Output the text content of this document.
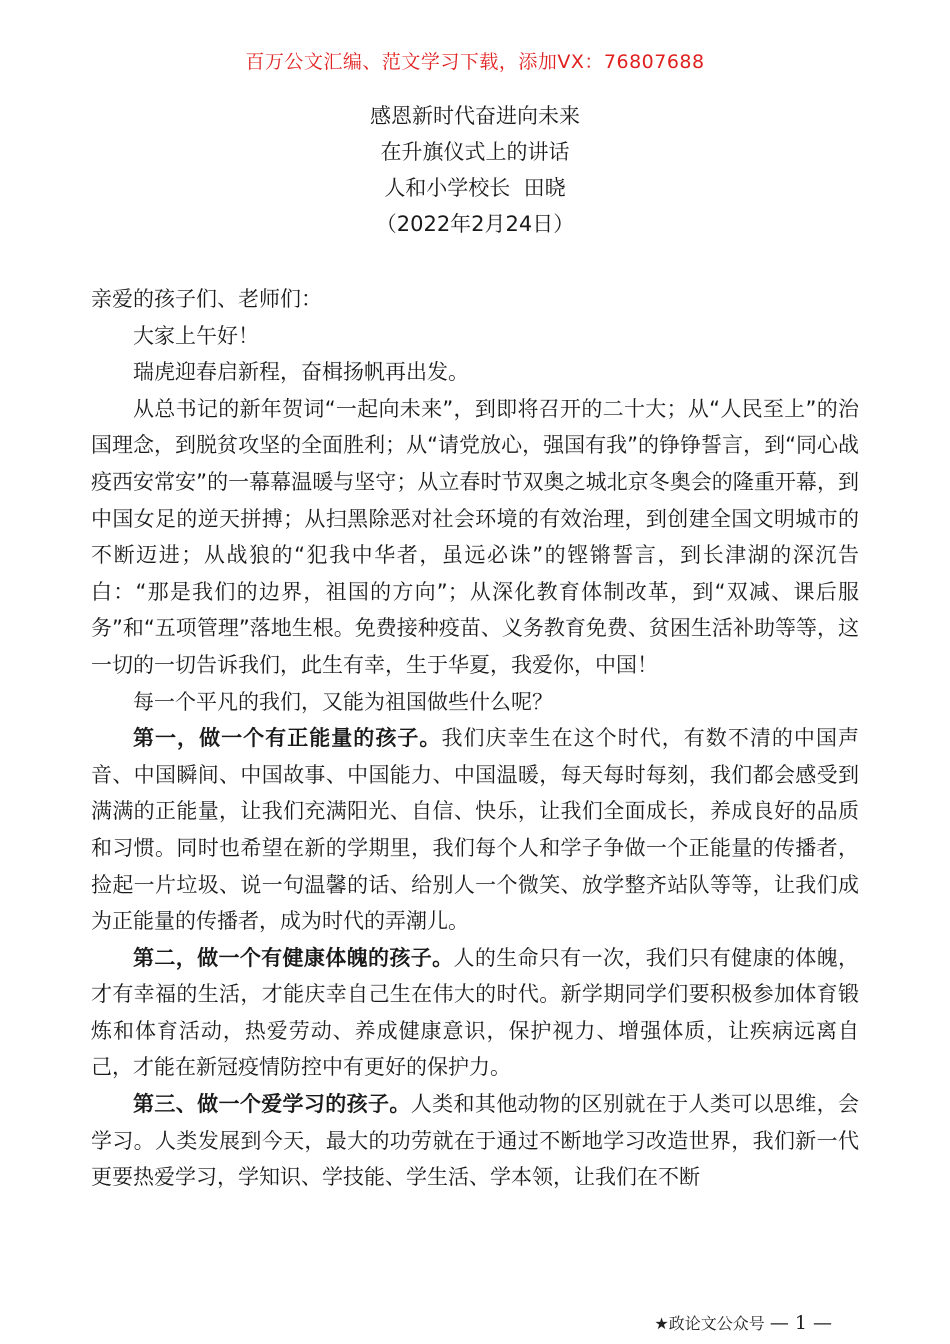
百万公文汇编、范文学习下载，添加VX：76807688
感恩新时代奋进向未来
在升旗仪式上的讲话
人和小学校长  田晓
（2022年2月24日）

亲爱的孩子们、老师们：

大家上午好！

瑞虎迎春启新程，奋楫扬帆再出发。

从总书记的新年贺词“一起向未来”，到即将召开的二十大；从“人民至上”的治国理念，到脱贫攻坚的全面胜利；从“请党放心，强国有我”的铮铮誓言，到“同心战疫西安常安”的一幕幕温暖与坚守；从立春时节双奥之城北京冬奥会的隆重开幕，到中国女足的逆天拼搏；从扫黑除恶对社会环境的有效治理，到创建全国文明城市的不断迈进；从战狼的“犯我中华者，虽远必诛”的铿锵誓言，到长津湖的深沉告白：“那是我们的边界，祖国的方向”；从深化教育体制改革，到“双减、课后服务”和“五项管理”落地生根。免费接种疫苗、义务教育免费、贫困生活补助等等，这一切的一切告诉我们，此生有幸，生于华夏，我爱你，中国！

每一个平凡的我们，又能为祖国做些什么呢？

第一，做一个有正能量的孩子。我们庆幸生在这个时代，有数不清的中国声音、中国瞬间、中国故事、中国能力、中国温暖，每天每时每刻，我们都会感受到满满的正能量，让我们充满阳光、自信、快乐，让我们全面成长，养成良好的品质和习惯。同时也希望在新的学期里，我们每个人和学子争做一个正能量的传播者，捡起一片垃圾、说一句温馨的话、给别人一个微笑、放学整齐站队等等，让我们成为正能量的传播者，成为时代的弄潮儿。

第二，做一个有健康体魄的孩子。人的生命只有一次，我们只有健康的体魄，才有幸福的生活，才能庆幸自己生在伟大的时代。新学期同学们要积极参加体育锻炼和体育活动，热爱劳动、养成健康意识，保护视力、增强体质，让疾病远离自己，才能在新冠疫情防控中有更好的保护力。

第三、做一个爱学习的孩子。人类和其他动物的区别就在于人类可以思维，会学习。人类发展到今天，最大的功劳就在于通过不断地学习改造世界，我们新一代更要热爱学习，学知识、学技能、学生活、学本领，让我们在不断

★政论文公众号 — 1 —
